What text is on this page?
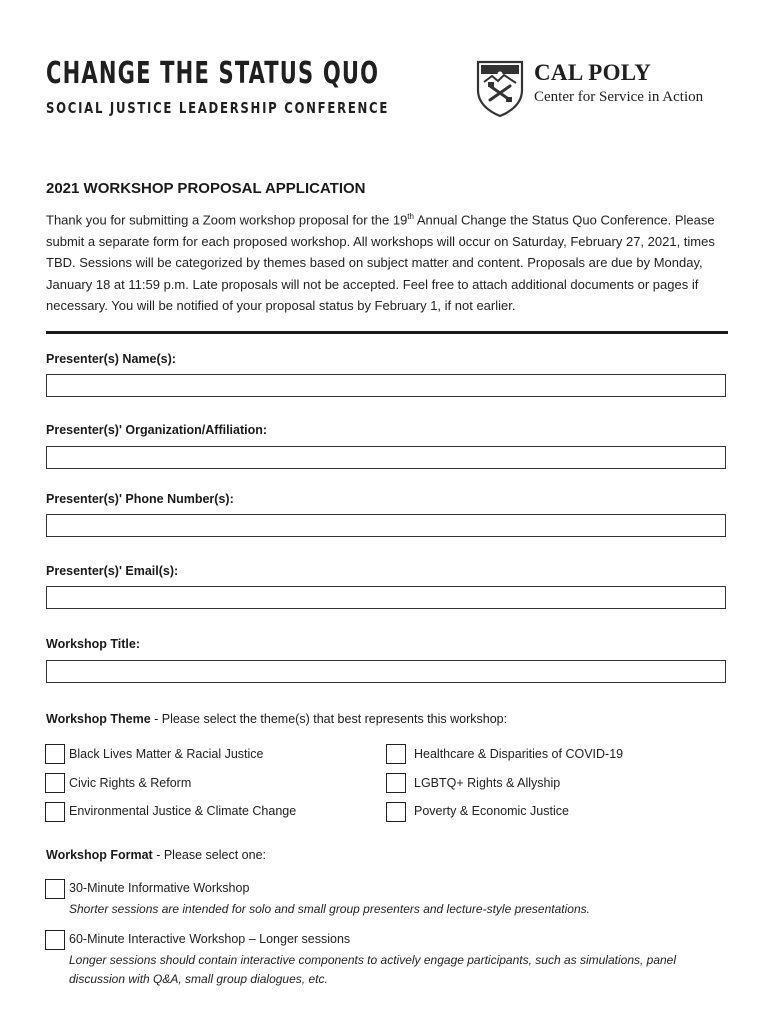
CHANGE THE STATUS QUO
SOCIAL JUSTICE LEADERSHIP CONFERENCE
CAL POLY
Center for Service in Action
2021 WORKSHOP PROPOSAL APPLICATION
Thank you for submitting a Zoom workshop proposal for the 19th Annual Change the Status Quo Conference. Please submit a separate form for each proposed workshop. All workshops will occur on Saturday, February 27, 2021, times TBD. Sessions will be categorized by themes based on subject matter and content. Proposals are due by Monday, January 18 at 11:59 p.m. Late proposals will not be accepted. Feel free to attach additional documents or pages if necessary. You will be notified of your proposal status by February 1, if not earlier.
Presenter(s) Name(s):
Presenter(s)' Organization/Affiliation:
Presenter(s)' Phone Number(s):
Presenter(s)' Email(s):
Workshop Title:
Workshop Theme - Please select the theme(s) that best represents this workshop:
Black Lives Matter & Racial Justice	Healthcare & Disparities of COVID-19
Civic Rights & Reform	LGBTQ+ Rights & Allyship
Environmental Justice & Climate Change	Poverty & Economic Justice
Workshop Format - Please select one:
30-Minute Informative Workshop
Shorter sessions are intended for solo and small group presenters and lecture-style presentations.
60-Minute Interactive Workshop – Longer sessions
Longer sessions should contain interactive components to actively engage participants, such as simulations, panel discussion with Q&A, small group dialogues, etc.
